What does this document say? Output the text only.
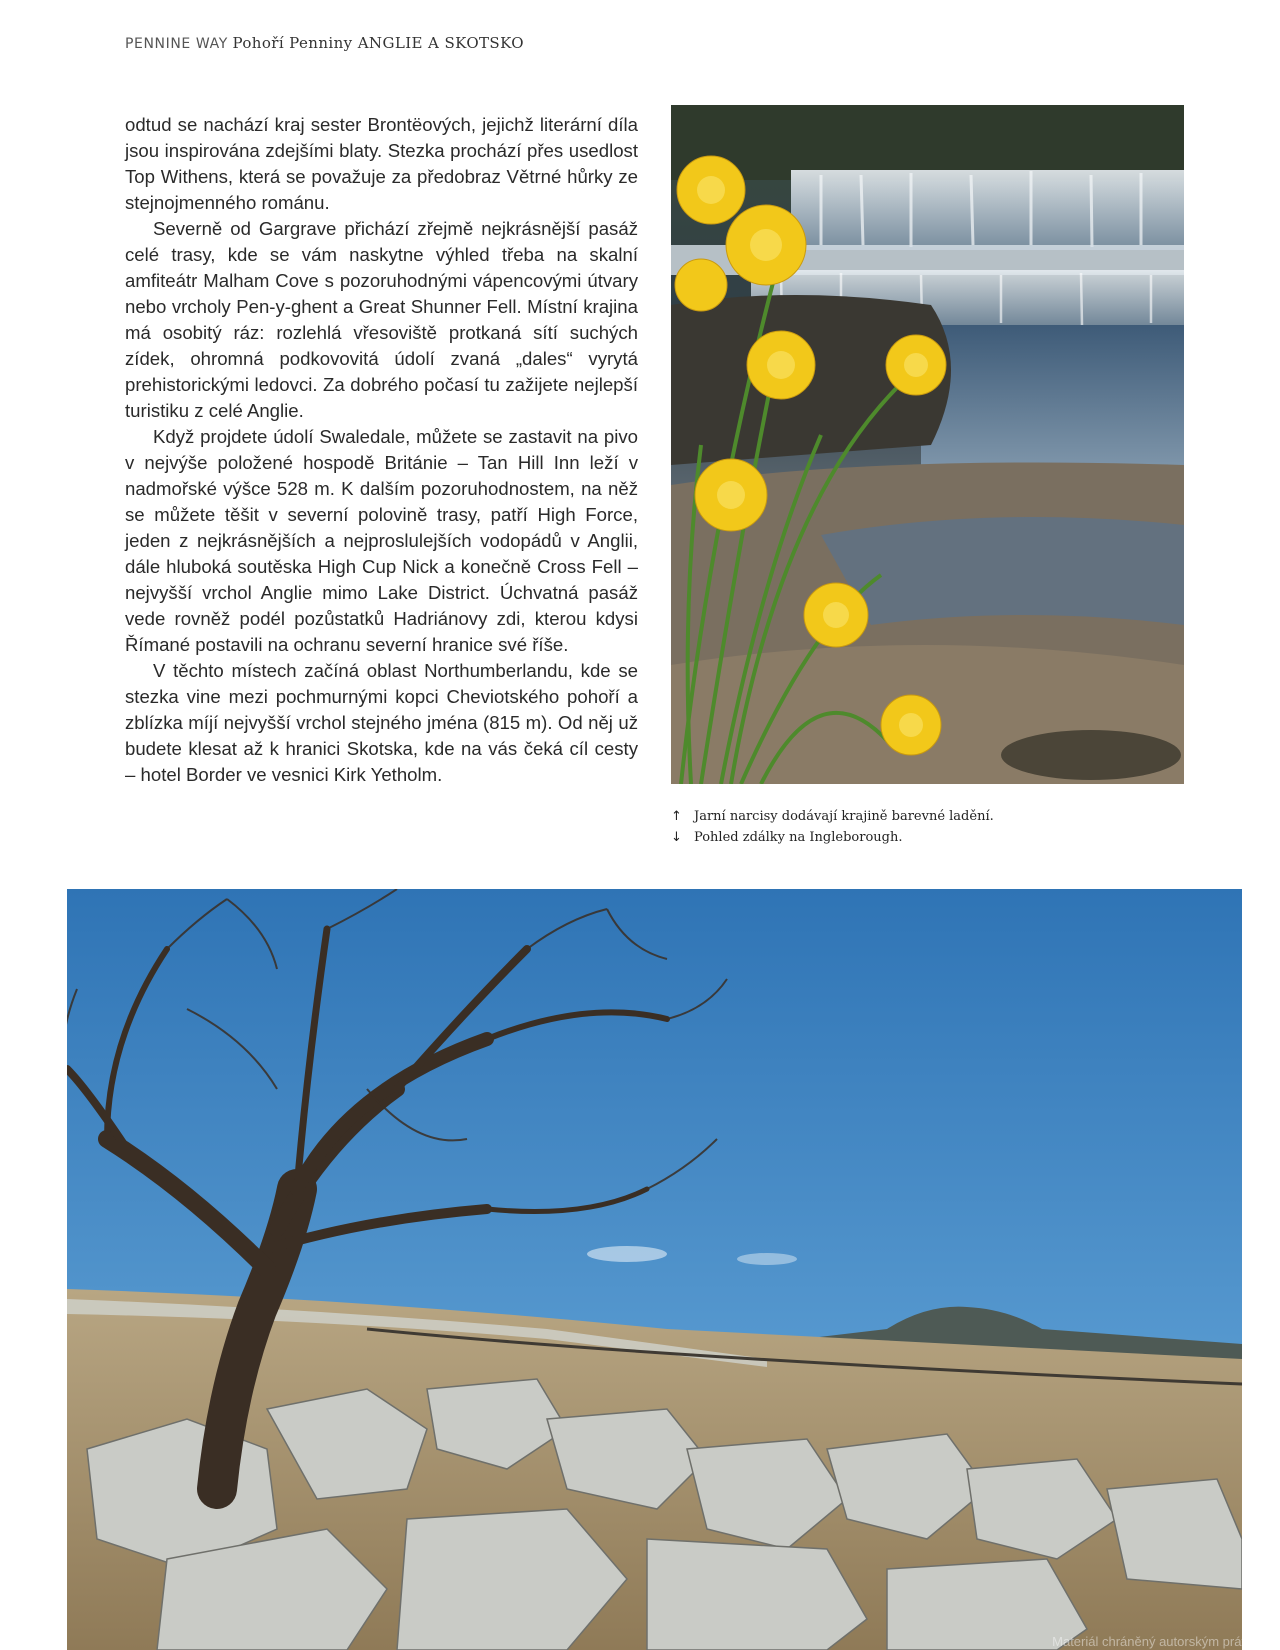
PENNINE WAY Pohoří Penniny ANGLIE A SKOTSKO

odtud se nachází kraj sester Brontëových, jejichž literární díla jsou inspirována zdejšími blaty. Stezka prochází přes usedlost Top Withens, která se považuje za předobraz Větrné hůrky ze stejnojmenného románu.

Severně od Gargrave přichází zřejmě nejkrásnější pasáž celé trasy, kde se vám naskytne výhled třeba na skalní amfiteátr Malham Cove s pozoruhodnými vápencovými útvary nebo vrcholy Pen-y-ghent a Great Shunner Fell. Místní krajina má osobitý ráz: rozlehlá vřesoviště protkaná sítí suchých zídek, ohromná podkovovitá údolí zvaná „dales“ vyrytá prehistorickými ledovci. Za dobrého počasí tu zažijete nejlepší turistiku z celé Anglie.

Když projdete údolí Swaledale, můžete se zastavit na pivo v nejvýše položené hospodě Británie – Tan Hill Inn leží v nadmořské výšce 528 m. K dalším pozoruhodnostem, na něž se můžete těšit v severní polovině trasy, patří High Force, jeden z nejkrásnějších a nejproslulejších vodopádů v Anglii, dále hluboká soutěska High Cup Nick a konečně Cross Fell – nejvyšší vrchol Anglie mimo Lake District. Úchvatná pasáž vede rovněž podél pozůstatků Hadriánovy zdi, kterou kdysi Římané postavili na ochranu severní hranice své říše.

V těchto místech začíná oblast Northumberlandu, kde se stezka vine mezi pochmurnými kopci Cheviotského pohoří a zblízka míjí nejvyšší vrchol stejného jména (815 m). Od něj už budete klesat až k hranici Skotska, kde na vás čeká cíl cesty – hotel Border ve vesnici Kirk Yetholm.

↑ Jarní narcisy dodávají krajině barevné ladění.
↓ Pohled zdálky na Ingleborough.
Materiál chráněný autorským právem
